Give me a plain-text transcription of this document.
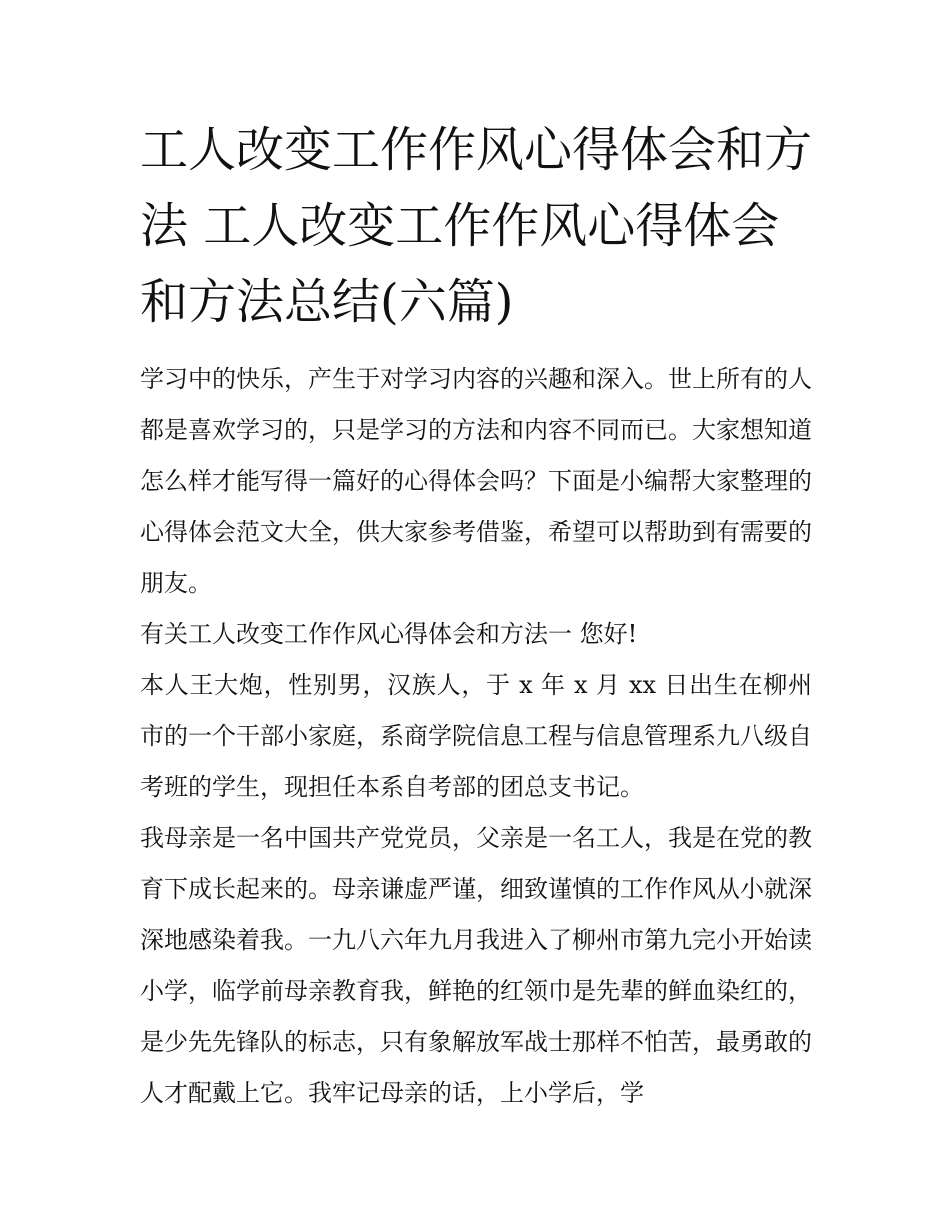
工人改变工作作风心得体会和方法 工人改变工作作风心得体会和方法总结(六篇)

学习中的快乐，产生于对学习内容的兴趣和深入。世上所有的人都是喜欢学习的，只是学习的方法和内容不同而已。大家想知道怎么样才能写得一篇好的心得体会吗？下面是小编帮大家整理的心得体会范文大全，供大家参考借鉴，希望可以帮助到有需要的朋友。

有关工人改变工作作风心得体会和方法一 您好!

本人王大炮，性别男，汉族人，于 x 年 x 月 xx 日出生在柳州市的一个干部小家庭，系商学院信息工程与信息管理系九八级自考班的学生，现担任本系自考部的团总支书记。

我母亲是一名中国共产党党员，父亲是一名工人，我是在党的教育下成长起来的。母亲谦虚严谨，细致谨慎的工作作风从小就深深地感染着我。一九八六年九月我进入了柳州市第九完小开始读小学，临学前母亲教育我，鲜艳的红领巾是先辈的鲜血染红的，是少先先锋队的标志，只有象解放军战士那样不怕苦，最勇敢的人才配戴上它。我牢记母亲的话，上小学后，学
